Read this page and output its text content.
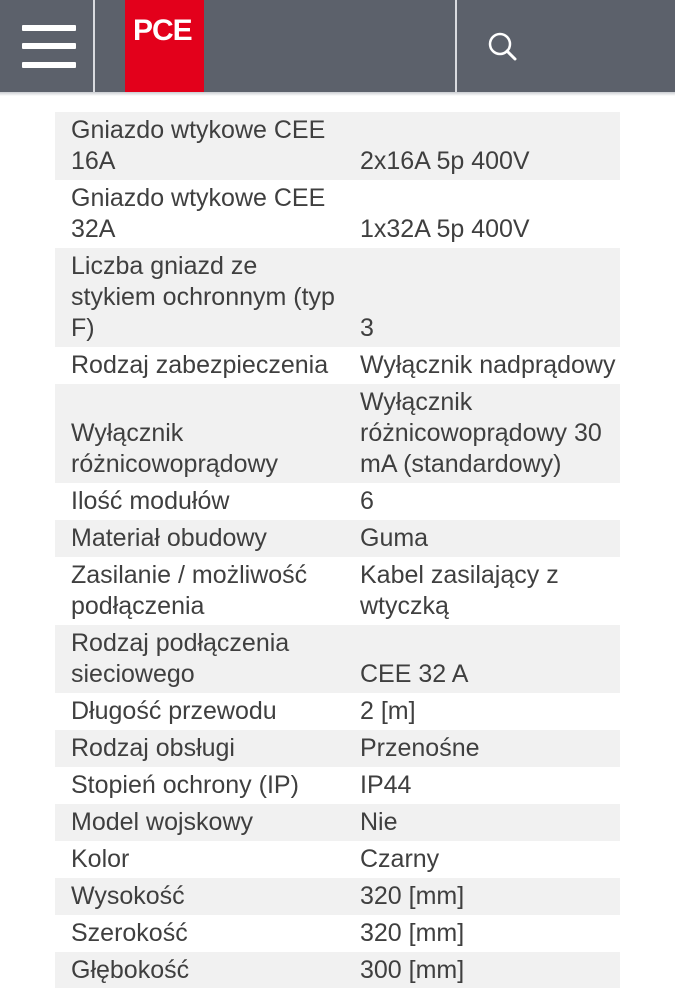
PCE
Gniazdo wtykowe CEE 16A	2x16A 5p 400V
Gniazdo wtykowe CEE 32A	1x32A 5p 400V
Liczba gniazd ze stykiem ochronnym (typ F)	3
Rodzaj zabezpieczenia	Wyłącznik nadprądowy
Wyłącznik różnicowoprądowy	Wyłącznik różnicowoprądowy 30 mA (standardowy)
Ilość modułów	6
Materiał obudowy	Guma
Zasilanie / możliwość podłączenia	Kabel zasilający z wtyczką
Rodzaj podłączenia sieciowego	CEE 32 A
Długość przewodu	2 [m]
Rodzaj obsługi	Przenośne
Stopień ochrony (IP)	IP44
Model wojskowy	Nie
Kolor	Czarny
Wysokość	320 [mm]
Szerokość	320 [mm]
Głębokość	300 [mm]
